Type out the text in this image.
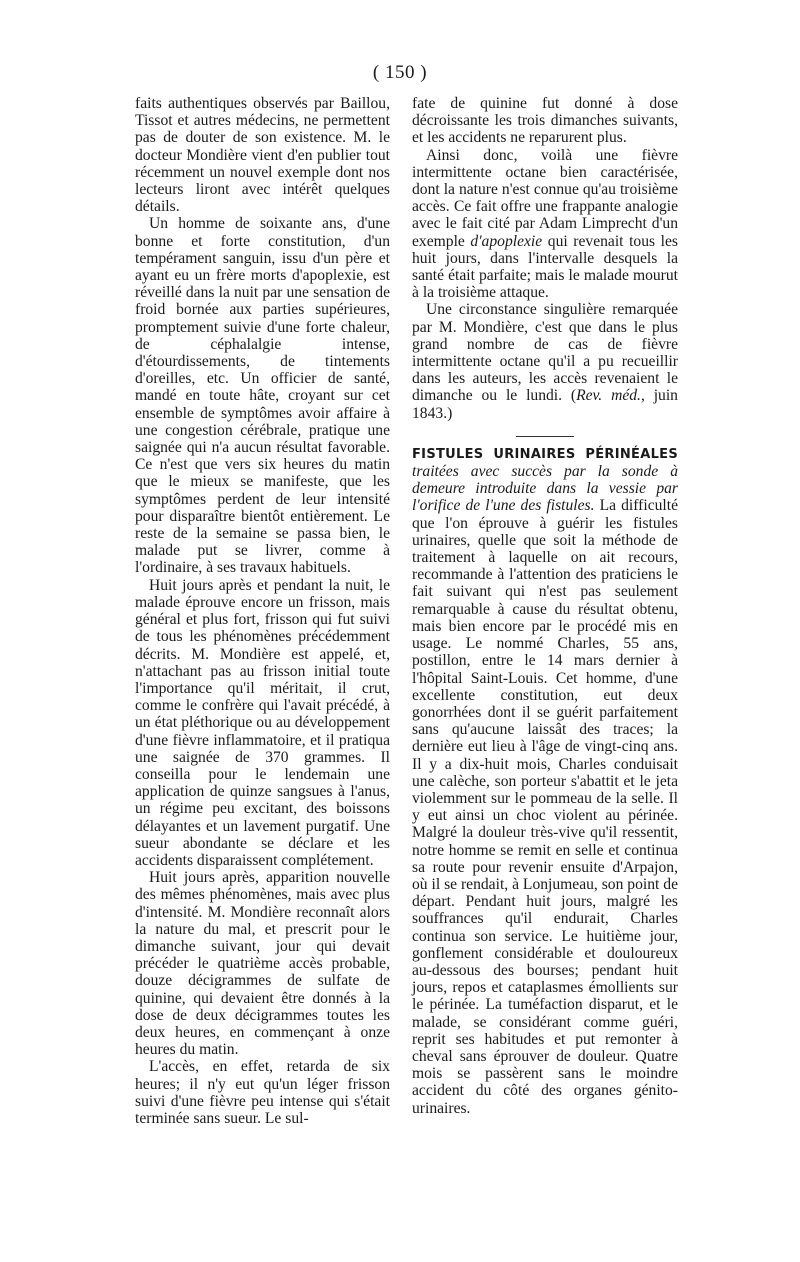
( 150 )

faits authentiques observés par Baillou, Tissot et autres médecins, ne permettent pas de douter de son existence. M. le docteur Mondière vient d'en publier tout récemment un nouvel exemple dont nos lecteurs liront avec intérêt quelques détails.

Un homme de soixante ans, d'une bonne et forte constitution, d'un tempérament sanguin, issu d'un père et ayant eu un frère morts d'apoplexie, est réveillé dans la nuit par une sensation de froid bornée aux parties supérieures, promptement suivie d'une forte chaleur, de céphalalgie intense, d'étourdissements, de tintements d'oreilles, etc. Un officier de santé, mandé en toute hâte, croyant sur cet ensemble de symptômes avoir affaire à une congestion cérébrale, pratique une saignée qui n'a aucun résultat favorable. Ce n'est que vers six heures du matin que le mieux se manifeste, que les symptômes perdent de leur intensité pour disparaître bientôt entièrement. Le reste de la semaine se passa bien, le malade put se livrer, comme à l'ordinaire, à ses travaux habituels.

Huit jours après et pendant la nuit, le malade éprouve encore un frisson, mais général et plus fort, frisson qui fut suivi de tous les phénomènes précédemment décrits. M. Mondière est appelé, et, n'attachant pas au frisson initial toute l'importance qu'il méritait, il crut, comme le confrère qui l'avait précédé, à un état pléthorique ou au développement d'une fièvre inflammatoire, et il pratiqua une saignée de 370 grammes. Il conseilla pour le lendemain une application de quinze sangsues à l'anus, un régime peu excitant, des boissons délayantes et un lavement purgatif. Une sueur abondante se déclare et les accidents disparaissent complétement.

Huit jours après, apparition nouvelle des mêmes phénomènes, mais avec plus d'intensité. M. Mondière reconnaît alors la nature du mal, et prescrit pour le dimanche suivant, jour qui devait précéder le quatrième accès probable, douze décigrammes de sulfate de quinine, qui devaient être donnés à la dose de deux décigrammes toutes les deux heures, en commençant à onze heures du matin.

L'accès, en effet, retarda de six heures; il n'y eut qu'un léger frisson suivi d'une fièvre peu intense qui s'était terminée sans sueur. Le sul-

fate de quinine fut donné à dose décroissante les trois dimanches suivants, et les accidents ne reparurent plus.

Ainsi donc, voilà une fièvre intermittente octane bien caractérisée, dont la nature n'est connue qu'au troisième accès. Ce fait offre une frappante analogie avec le fait cité par Adam Limprecht d'un exemple d'apoplexie qui revenait tous les huit jours, dans l'intervalle desquels la santé était parfaite; mais le malade mourut à la troisième attaque.

Une circonstance singulière remarquée par M. Mondière, c'est que dans le plus grand nombre de cas de fièvre intermittente octane qu'il a pu recueillir dans les auteurs, les accès revenaient le dimanche ou le lundi. (Rev. méd., juin 1843.)

FISTULES URINAIRES PÉRINÉALES traitées avec succès par la sonde à demeure introduite dans la vessie par l'orifice de l'une des fistules. La difficulté que l'on éprouve à guérir les fistules urinaires, quelle que soit la méthode de traitement à laquelle on ait recours, recommande à l'attention des praticiens le fait suivant qui n'est pas seulement remarquable à cause du résultat obtenu, mais bien encore par le procédé mis en usage. Le nommé Charles, 55 ans, postillon, entre le 14 mars dernier à l'hôpital Saint-Louis. Cet homme, d'une excellente constitution, eut deux gonorrhées dont il se guérit parfaitement sans qu'aucune laissât des traces; la dernière eut lieu à l'âge de vingt-cinq ans. Il y a dix-huit mois, Charles conduisait une calèche, son porteur s'abattit et le jeta violemment sur le pommeau de la selle. Il y eut ainsi un choc violent au périnée. Malgré la douleur très-vive qu'il ressentit, notre homme se remit en selle et continua sa route pour revenir ensuite d'Arpajon, où il se rendait, à Lonjumeau, son point de départ. Pendant huit jours, malgré les souffrances qu'il endurait, Charles continua son service. Le huitième jour, gonflement considérable et douloureux au-dessous des bourses; pendant huit jours, repos et cataplasmes émollients sur le périnée. La tuméfaction disparut, et le malade, se considérant comme guéri, reprit ses habitudes et put remonter à cheval sans éprouver de douleur. Quatre mois se passèrent sans le moindre accident du côté des organes génito-urinaires.
